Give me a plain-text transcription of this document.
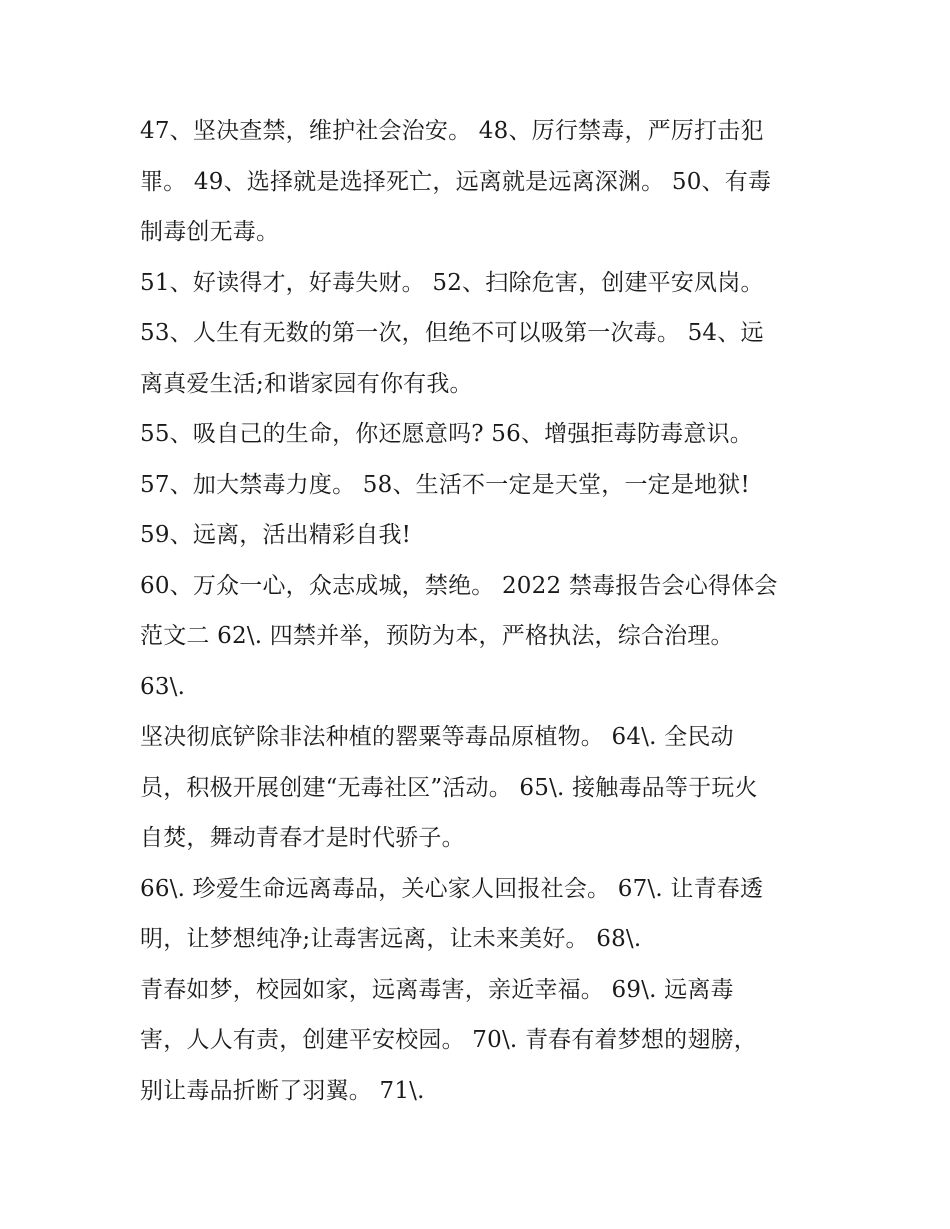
47、坚决查禁，维护社会治安。 48、厉行禁毒，严厉打击犯
罪。 49、选择就是选择死亡，远离就是远离深渊。 50、有毒
制毒创无毒。
51、好读得才，好毒失财。 52、扫除危害，创建平安凤岗。
53、人生有无数的第一次，但绝不可以吸第一次毒。 54、远
离真爱生活;和谐家园有你有我。
55、吸自己的生命，你还愿意吗? 56、增强拒毒防毒意识。
57、加大禁毒力度。 58、生活不一定是天堂，一定是地狱!
59、远离，活出精彩自我!
60、万众一心，众志成城，禁绝。 2022 禁毒报告会心得体会
范文二 62\. 四禁并举，预防为本，严格执法，综合治理。
63\.
坚决彻底铲除非法种植的罂粟等毒品原植物。 64\. 全民动
员，积极开展创建“无毒社区”活动。 65\. 接触毒品等于玩火
自焚，舞动青春才是时代骄子。
66\. 珍爱生命远离毒品，关心家人回报社会。 67\. 让青春透
明，让梦想纯净;让毒害远离，让未来美好。 68\.
青春如梦，校园如家，远离毒害，亲近幸福。 69\. 远离毒
害，人人有责，创建平安校园。 70\. 青春有着梦想的翅膀，
别让毒品折断了羽翼。 71\.
